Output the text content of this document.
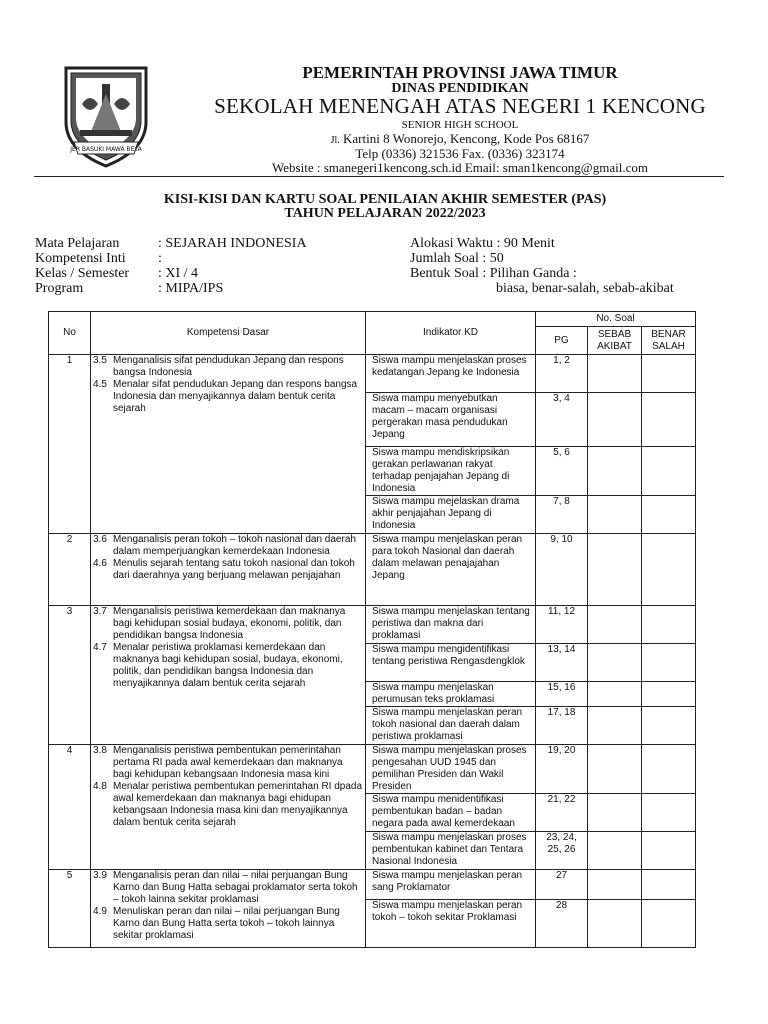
JER BASUKI MAWA BEYA
PEMERINTAH PROVINSI JAWA TIMUR
DINAS PENDIDIKAN
SEKOLAH MENENGAH ATAS NEGERI 1 KENCONG
SENIOR HIGH SCHOOL
Jl. Kartini 8 Wonorejo, Kencong, Kode Pos 68167
Telp (0336) 321536 Fax. (0336) 323174
Website : smanegeri1kencong.sch.id Email: sman1kencong@gmail.com
KISI-KISI DAN KARTU SOAL PENILAIAN AKHIR SEMESTER (PAS)
TAHUN PELAJARAN 2022/2023
Mata Pelajaran	: SEJARAH INDONESIA
Kompetensi Inti :
Kelas / Semester : XI / 4
Program	: MIPA/IPS
Alokasi Waktu : 90 Menit
Jumlah Soal : 50
Bentuk Soal : Pilihan Ganda :
biasa, benar-salah, sebab-akibat
No	Kompetensi Dasar	Indikator KD	No. Soal		
			PG	SEBAB AKIBAT	BENAR SALAH
1	3.5 Menganalisis sifat pendudukan Jepang dan respons bangsa Indonesia
4.5 Menalar sifat pendudukan Jepang dan respons bangsa Indonesia dan menyajikannya dalam bentuk cerita sejarah	Siswa mampu menjelaskan proses kedatangan Jepang ke Indonesia	1, 2		
		Siswa mampu menyebutkan macam – macam organisasi pergerakan masa pendudukan Jepang	3, 4		
		Siswa mampu mendiskripsikan gerakan perlawanan rakyat terhadap penjajahan Jepang di Indonesia	5, 6		
		Siswa mampu mejelaskan drama akhir penjajahan Jepang di Indonesia	7, 8		
2	3.6 Menganalisis peran tokoh – tokoh nasional dan daerah dalam memperjuangkan kemerdekaan Indonesia
4.6 Menulis sejarah tentang satu tokoh nasional dan tokoh dari daerahnya yang berjuang melawan penjajahan	Siswa mampu menjelaskan peran para tokoh Nasional dan daerah dalam melawan penajajahan Jepang	9, 10		
3	3.7 Menganalisis peristiwa kemerdekaan dan maknanya bagi kehidupan sosial budaya, ekonomi, politik, dan pendidikan bangsa Indonesia
4.7 Menalar peristiwa proklamasi kemerdekaan dan maknanya bagi kehidupan sosial, budaya, ekonomi, politik, dan pendidikan bangsa Indonesia dan menyajikannya dalam bentuk cerita sejarah	Siswa mampu menjelaskan tentang peristiwa dan makna dari proklamasi	11, 12		
		Siswa mampu mengidentifikasi tentang peristiwa Rengasdengklok	13, 14		
		Siswa mampu menjelaskan perumusan teks proklamasi	15, 16		
		Siswa mampu menjelaskan peran tokoh nasional dan daerah dalam peristiwa proklamasi	17, 18		
4	3.8 Menganalisis peristiwa pembentukan pemerintahan pertama RI pada awal kemerdekaan dan maknanya bagi kehidupan kebangsaan Indonesia masa kini
4.8 Menalar peristiwa pembentukan pemerintahan RI dpada awal kemerdekaan dan maknanya bagi ehidupan kebangsaan Indonesia masa kini dan menyajikannya dalam bentuk cerita sejarah	Siswa mampu menjelaskan proses pengesahan UUD 1945 dan pemilihan Presiden dan Wakil Presiden	19, 20		
		Siswa mampu menidentifikasi pembentukan badan – badan negara pada awal kemerdekaan	21, 22		
		Siswa mampu menjelaskan proses pembentukan kabinet dan Tentara Nasional Indonesia	23, 24, 25, 26		
5	3.9 Menganalisis peran dan nilai – nilai perjuangan Bung Karno dan Bung Hatta sebagai proklamator serta tokoh – tokoh lainna sekitar proklamasi
4.9 Menuliskan peran dan nilai – nilai perjuangan Bung Karno dan Bung Hatta serta tokoh – tokoh lainnya sekitar proklamasi	Siswa mampu menjelaskan peran sang Proklamator	27		
		Siswa mampu menjelaskan peran tokoh – tokoh sekitar Proklamasi	28		
